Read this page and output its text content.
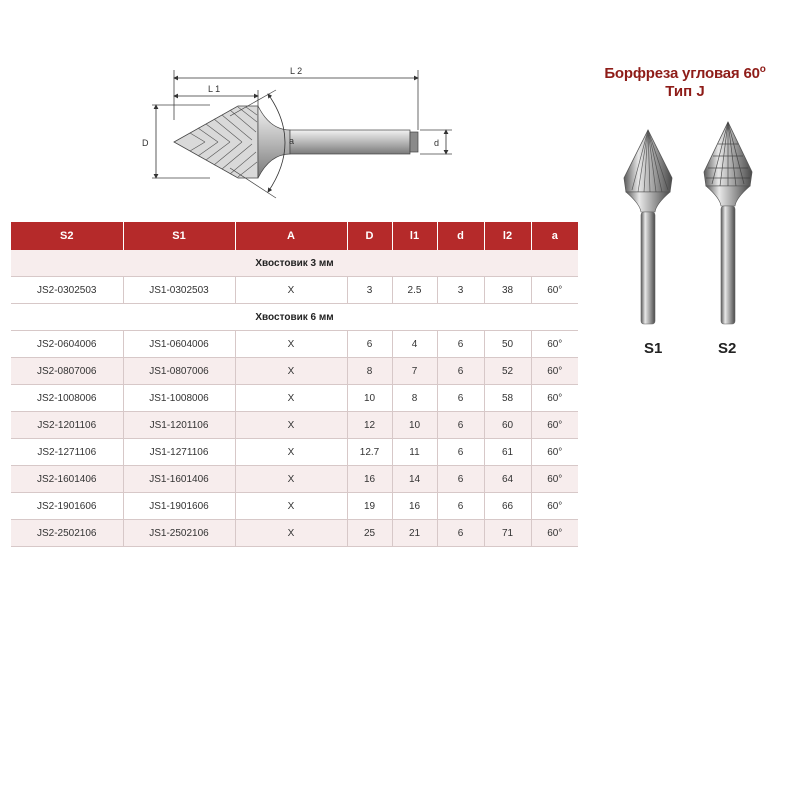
L 2
L 1
D	d
a
Борфреза угловая 60$^o$
Тип J
S1	S2
S2	S1	A	D	l1	d	l2	a
Хвостовик 3 мм							
JS2-0302503	JS1-0302503	X	3	2.5	3	38	60°
Хвостовик 6 мм							
JS2-0604006	JS1-0604006	X	6	4	6	50	60°
JS2-0807006	JS1-0807006	X	8	7	6	52	60°
JS2-1008006	JS1-1008006	X	10	8	6	58	60°
JS2-1201106	JS1-1201106	X	12	10	6	60	60°
JS2-1271106	JS1-1271106	X	12.7	11	6	61	60°
JS2-1601406	JS1-1601406	X	16	14	6	64	60°
JS2-1901606	JS1-1901606	X	19	16	6	66	60°
JS2-2502106	JS1-2502106	X	25	21	6	71	60°
